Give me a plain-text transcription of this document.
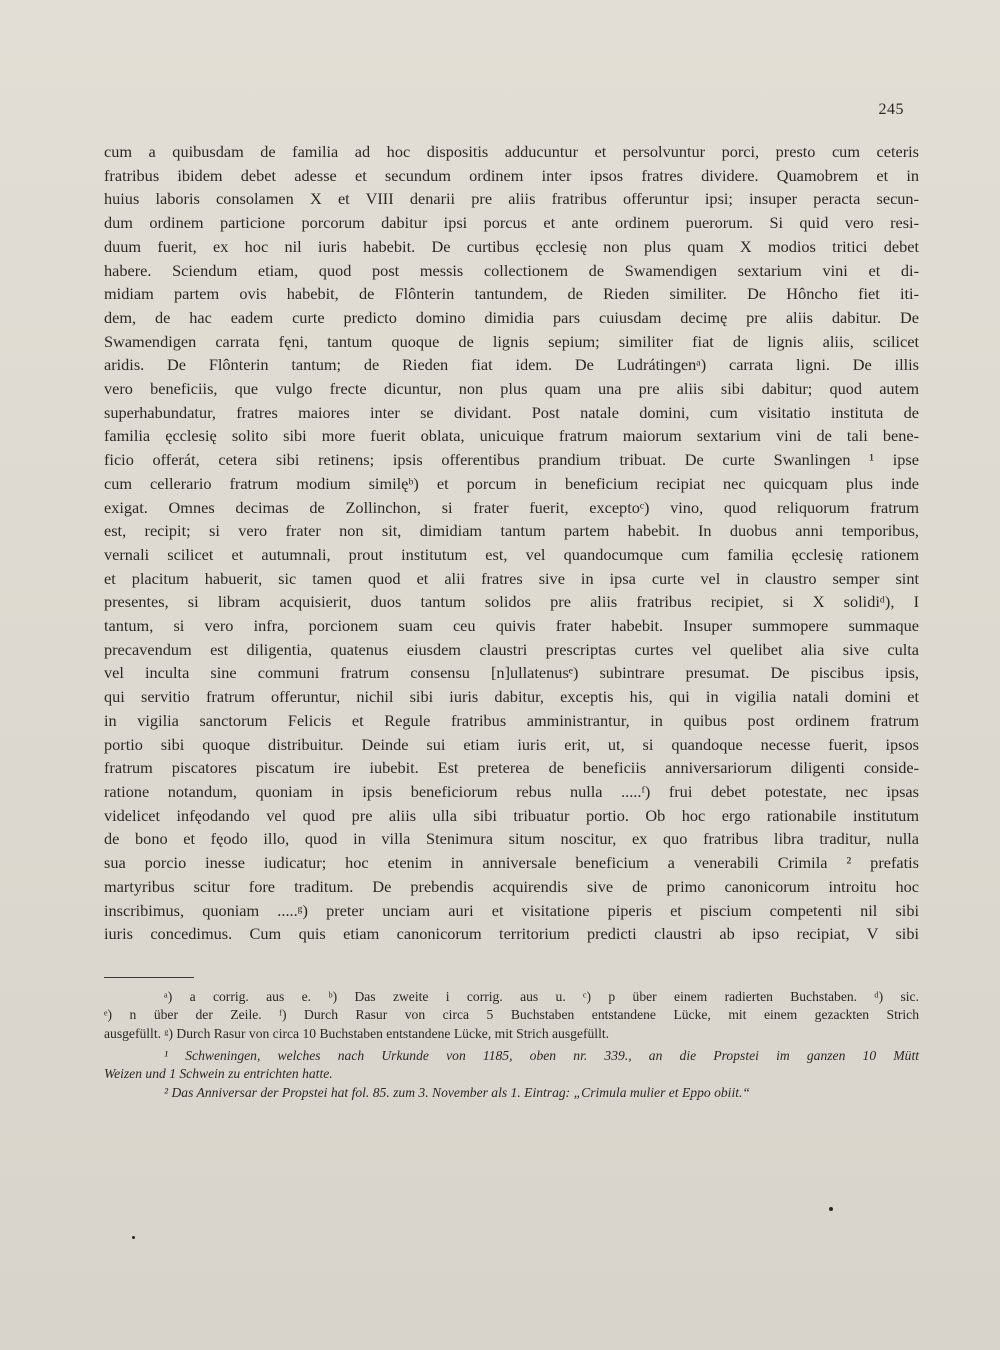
245
cum a quibusdam de familia ad hoc dispositis adducuntur et persolvuntur porci, presto cum ceteris
fratribus ibidem debet adesse et secundum ordinem inter ipsos fratres dividere. Quamobrem et in
huius laboris consolamen X et VIII denarii pre aliis fratribus offeruntur ipsi; insuper peracta secun-
dum ordinem particione porcorum dabitur ipsi porcus et ante ordinem puerorum. Si quid vero resi-
duum fuerit, ex hoc nil iuris habebit. De curtibus ęcclesię non plus quam X modios tritici debet
habere. Sciendum etiam, quod post messis collectionem de Swamendigen sextarium vini et di-
midiam partem ovis habebit, de Flônterin tantundem, de Rieden similiter. De Hôncho fiet iti-
dem, de hac eadem curte predicto domino dimidia pars cuiusdam decimę pre aliis dabitur. De
Swamendigen carrata fęni, tantum quoque de lignis sepium; similiter fiat de lignis aliis, scilicet
aridis. De Flônterin tantum; de Rieden fiat idem. De Ludrátingenᵃ) carrata ligni. De illis
vero beneficiis, que vulgo frecte dicuntur, non plus quam una pre aliis sibi dabitur; quod autem
superhabundatur, fratres maiores inter se dividant. Post natale domini, cum visitatio instituta de
familia ęcclesię solito sibi more fuerit oblata, unicuique fratrum maiorum sextarium vini de tali bene-
ficio offerát, cetera sibi retinens; ipsis offerentibus prandium tribuat. De curte Swanlingen ¹ ipse
cum cellerario fratrum modium similęᵇ) et porcum in beneficium recipiat nec quicquam plus inde
exigat. Omnes decimas de Zollinchon, si frater fuerit, exceptoᶜ) vino, quod reliquorum fratrum
est, recipit; si vero frater non sit, dimidiam tantum partem habebit. In duobus anni temporibus,
vernali scilicet et autumnali, prout institutum est, vel quandocumque cum familia ęcclesię rationem
et placitum habuerit, sic tamen quod et alii fratres sive in ipsa curte vel in claustro semper sint
presentes, si libram acquisierit, duos tantum solidos pre aliis fratribus recipiet, si X solidiᵈ), I
tantum, si vero infra, porcionem suam ceu quivis frater habebit. Insuper summopere summaque
precavendum est diligentia, quatenus eiusdem claustri prescriptas curtes vel quelibet alia sive culta
vel inculta sine communi fratrum consensu [n]ullatenusᵉ) subintrare presumat. De piscibus ipsis,
qui servitio fratrum offeruntur, nichil sibi iuris dabitur, exceptis his, qui in vigilia natali domini et
in vigilia sanctorum Felicis et Regule fratribus amministrantur, in quibus post ordinem fratrum
portio sibi quoque distribuitur. Deinde sui etiam iuris erit, ut, si quandoque necesse fuerit, ipsos
fratrum piscatores piscatum ire iubebit. Est preterea de beneficiis anniversariorum diligenti conside-
ratione notandum, quoniam in ipsis beneficiorum rebus nulla .....ᶠ) frui debet potestate, nec ipsas
videlicet infęodando vel quod pre aliis ulla sibi tribuatur portio. Ob hoc ergo rationabile institutum
de bono et fęodo illo, quod in villa Stenimura situm noscitur, ex quo fratribus libra traditur, nulla
sua porcio inesse iudicatur; hoc etenim in anniversale beneficium a venerabili Crimila ² prefatis
martyribus scitur fore traditum. De prebendis acquirendis sive de primo canonicorum introitu hoc
inscribimus, quoniam .....ᵍ) preter unciam auri et visitatione piperis et piscium competenti nil sibi
iuris concedimus. Cum quis etiam canonicorum territorium predicti claustri ab ipso recipiat, V sibi
ᵃ) a corrig. aus e. ᵇ) Das zweite i corrig. aus u. ᶜ) p über einem radierten Buchstaben. ᵈ) sic.
ᵉ) n über der Zeile. ᶠ) Durch Rasur von circa 5 Buchstaben entstandene Lücke, mit einem gezackten Strich
ausgefüllt. ᵍ) Durch Rasur von circa 10 Buchstaben entstandene Lücke, mit Strich ausgefüllt.
¹ Schweningen, welches nach Urkunde von 1185, oben nr. 339., an die Propstei im ganzen 10 Mütt
Weizen und 1 Schwein zu entrichten hatte.
² Das Anniversar der Propstei hat fol. 85. zum 3. November als 1. Eintrag: „Crimula mulier et Eppo obiit.“
